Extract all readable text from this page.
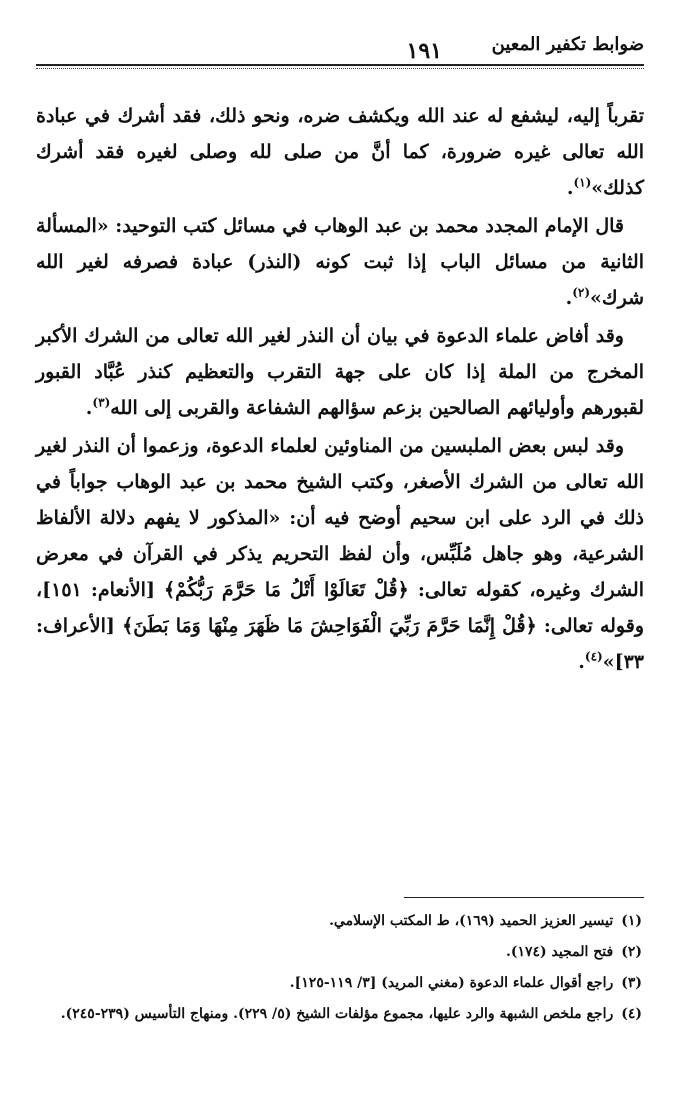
ضوابط تكفير المعين
١٩١

تقرباً إليه، ليشفع له عند الله ويكشف ضره، ونحو ذلك، فقد أشرك في عبادة الله تعالى غيره ضرورة، كما أنَّ من صلى لله وصلى لغيره فقد أشرك كذلك»$^{(١)}$.

قال الإمام المجدد محمد بن عبد الوهاب في مسائل كتب التوحيد: «المسألة الثانية من مسائل الباب إذا ثبت كونه (النذر) عبادة فصرفه لغير الله شرك»$^{(٢)}$.

وقد أفاض علماء الدعوة في بيان أن النذر لغير الله تعالى من الشرك الأكبر المخرج من الملة إذا كان على جهة التقرب والتعظيم كنذر عُبَّاد القبور لقبورهم وأوليائهم الصالحين بزعم سؤالهم الشفاعة والقربى إلى الله$^{(٣)}$.

وقد لبس بعض الملبسين من المناوئين لعلماء الدعوة، وزعموا أن النذر لغير الله تعالى من الشرك الأصغر، وكتب الشيخ محمد بن عبد الوهاب جواباً في ذلك في الرد على ابن سحيم أوضح فيه أن: «المذكور لا يفهم دلالة الألفاظ الشرعية، وهو جاهل مُلَبِّس، وأن لفظ التحريم يذكر في القرآن في معرض الشرك وغيره، كقوله تعالى: ﴿قُلْ تَعَالَوْا أَتْلُ مَا حَرَّمَ رَبُّكُمْ﴾ [الأنعام: ١٥١]، وقوله تعالى: ﴿قُلْ إِنَّمَا حَرَّمَ رَبِّيَ الْفَوَاحِشَ مَا ظَهَرَ مِنْهَا وَمَا بَطَنَ﴾ [الأعراف: ٣٣]»$^{(٤)}$.

(١)تيسير العزيز الحميد (١٦٩)، ط المكتب الإسلامي.
(٢)فتح المجيد (١٧٤).
(٣)راجع أقوال علماء الدعوة (مغني المريد) [٣/ ١١٩-١٢٥].
(٤)راجع ملخص الشبهة والرد عليها، مجموع مؤلفات الشيخ (٥/ ٢٢٩). ومنهاج التأسيس (٢٣٩-٢٤٥).
